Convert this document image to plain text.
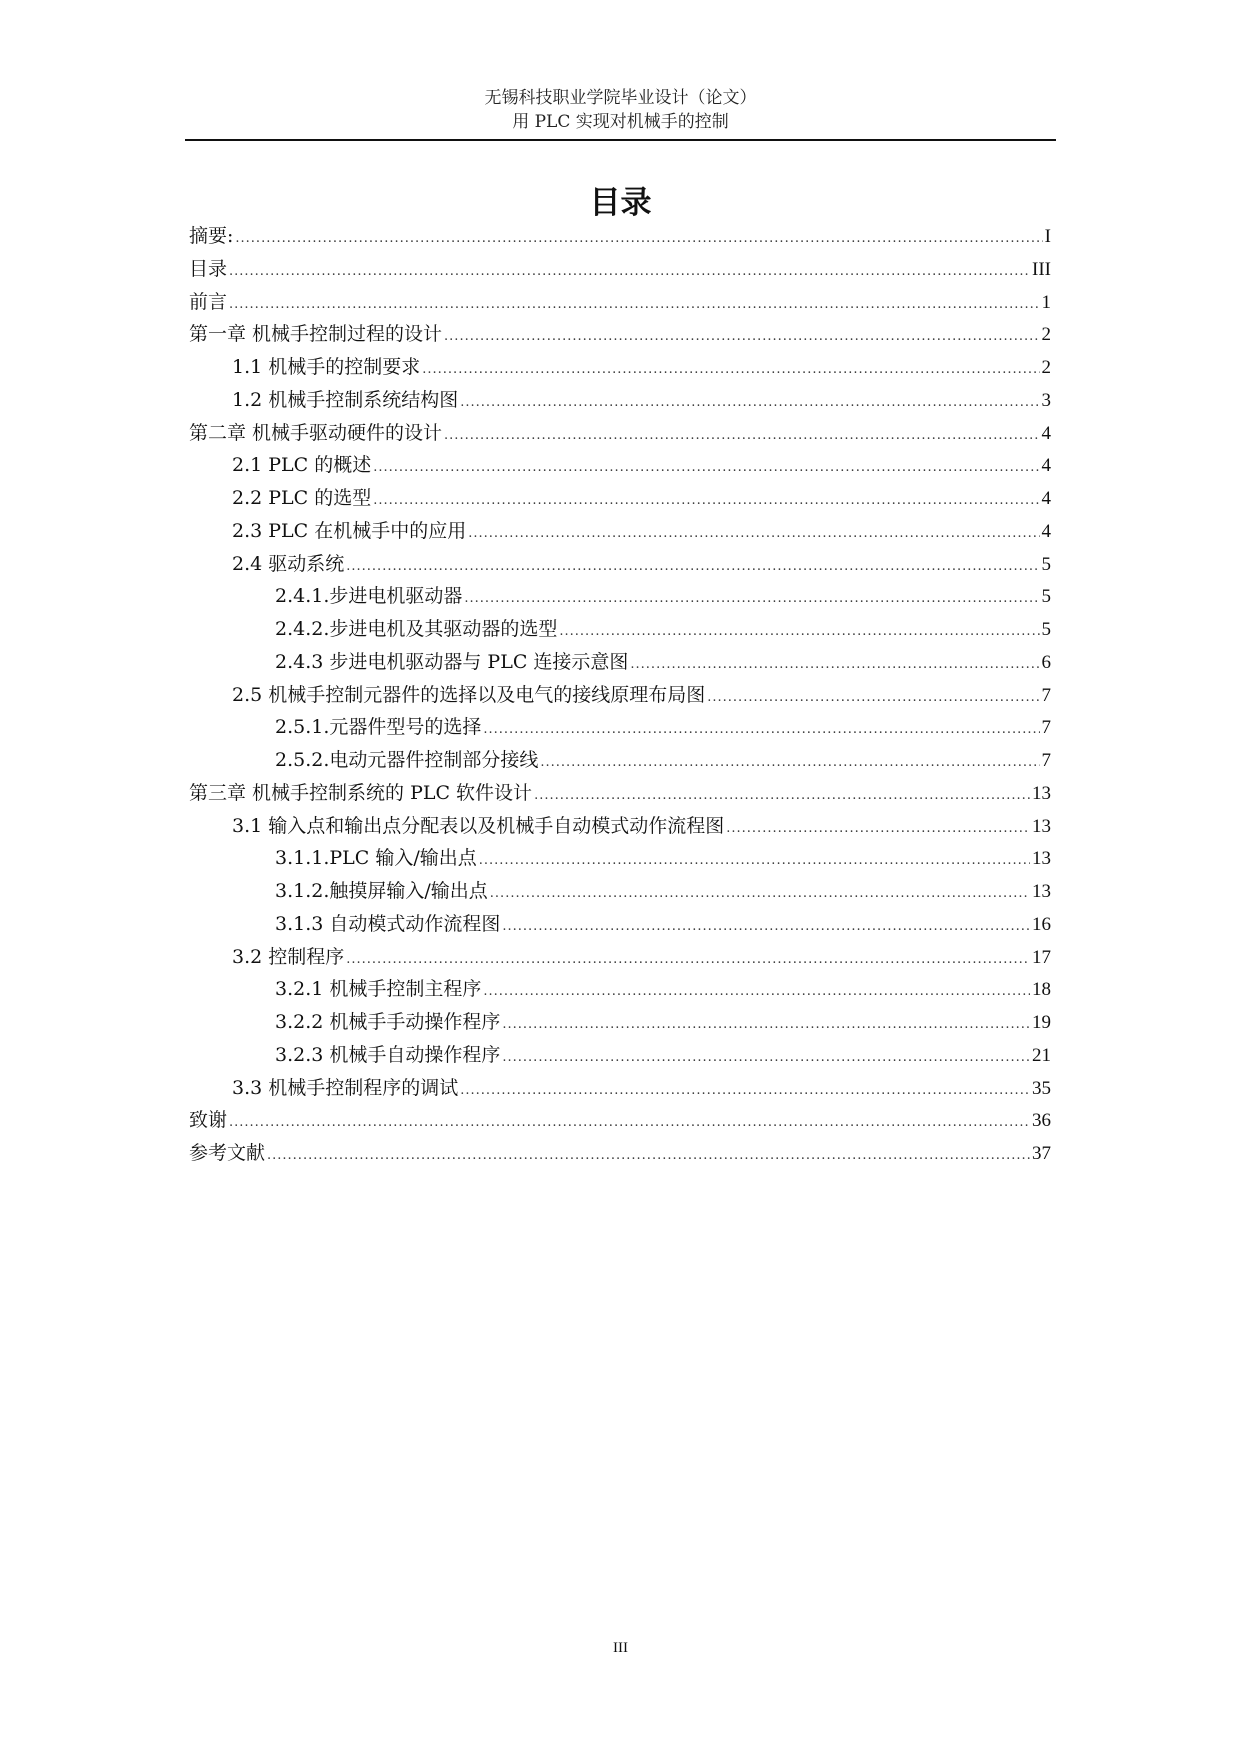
无锡科技职业学院毕业设计（论文）
用 PLC 实现对机械手的控制
目录
摘要: .....	I
目录 .....	III
前言 .....	1
第一章 机械手控制过程的设计 .....	2
1.1 机械手的控制要求 .....	2
1.2 机械手控制系统结构图 .....	3
第二章 机械手驱动硬件的设计 .....	4
2.1 PLC 的概述 .....	4
2.2 PLC 的选型 .....	4
2.3 PLC 在机械手中的应用 .....	4
2.4 驱动系统 .....	5
2.4.1.步进电机驱动器 .....	5
2.4.2.步进电机及其驱动器的选型 .....	5
2.4.3 步进电机驱动器与 PLC 连接示意图 .....	6
2.5 机械手控制元器件的选择以及电气的接线原理布局图 .....	7
2.5.1.元器件型号的选择 .....	7
2.5.2.电动元器件控制部分接线 .....	7
第三章 机械手控制系统的 PLC 软件设计 .....	13
3.1 输入点和输出点分配表以及机械手自动模式动作流程图 .....	13
3.1.1.PLC 输入/输出点 .....	13
3.1.2.触摸屏输入/输出点 .....	13
3.1.3 自动模式动作流程图 .....	16
3.2 控制程序 .....	17
3.2.1 机械手控制主程序 .....	18
3.2.2 机械手手动操作程序 .....	19
3.2.3 机械手自动操作程序 .....	21
3.3 机械手控制程序的调试 .....	35
致谢 .....	36
参考文献 .....	37
III
